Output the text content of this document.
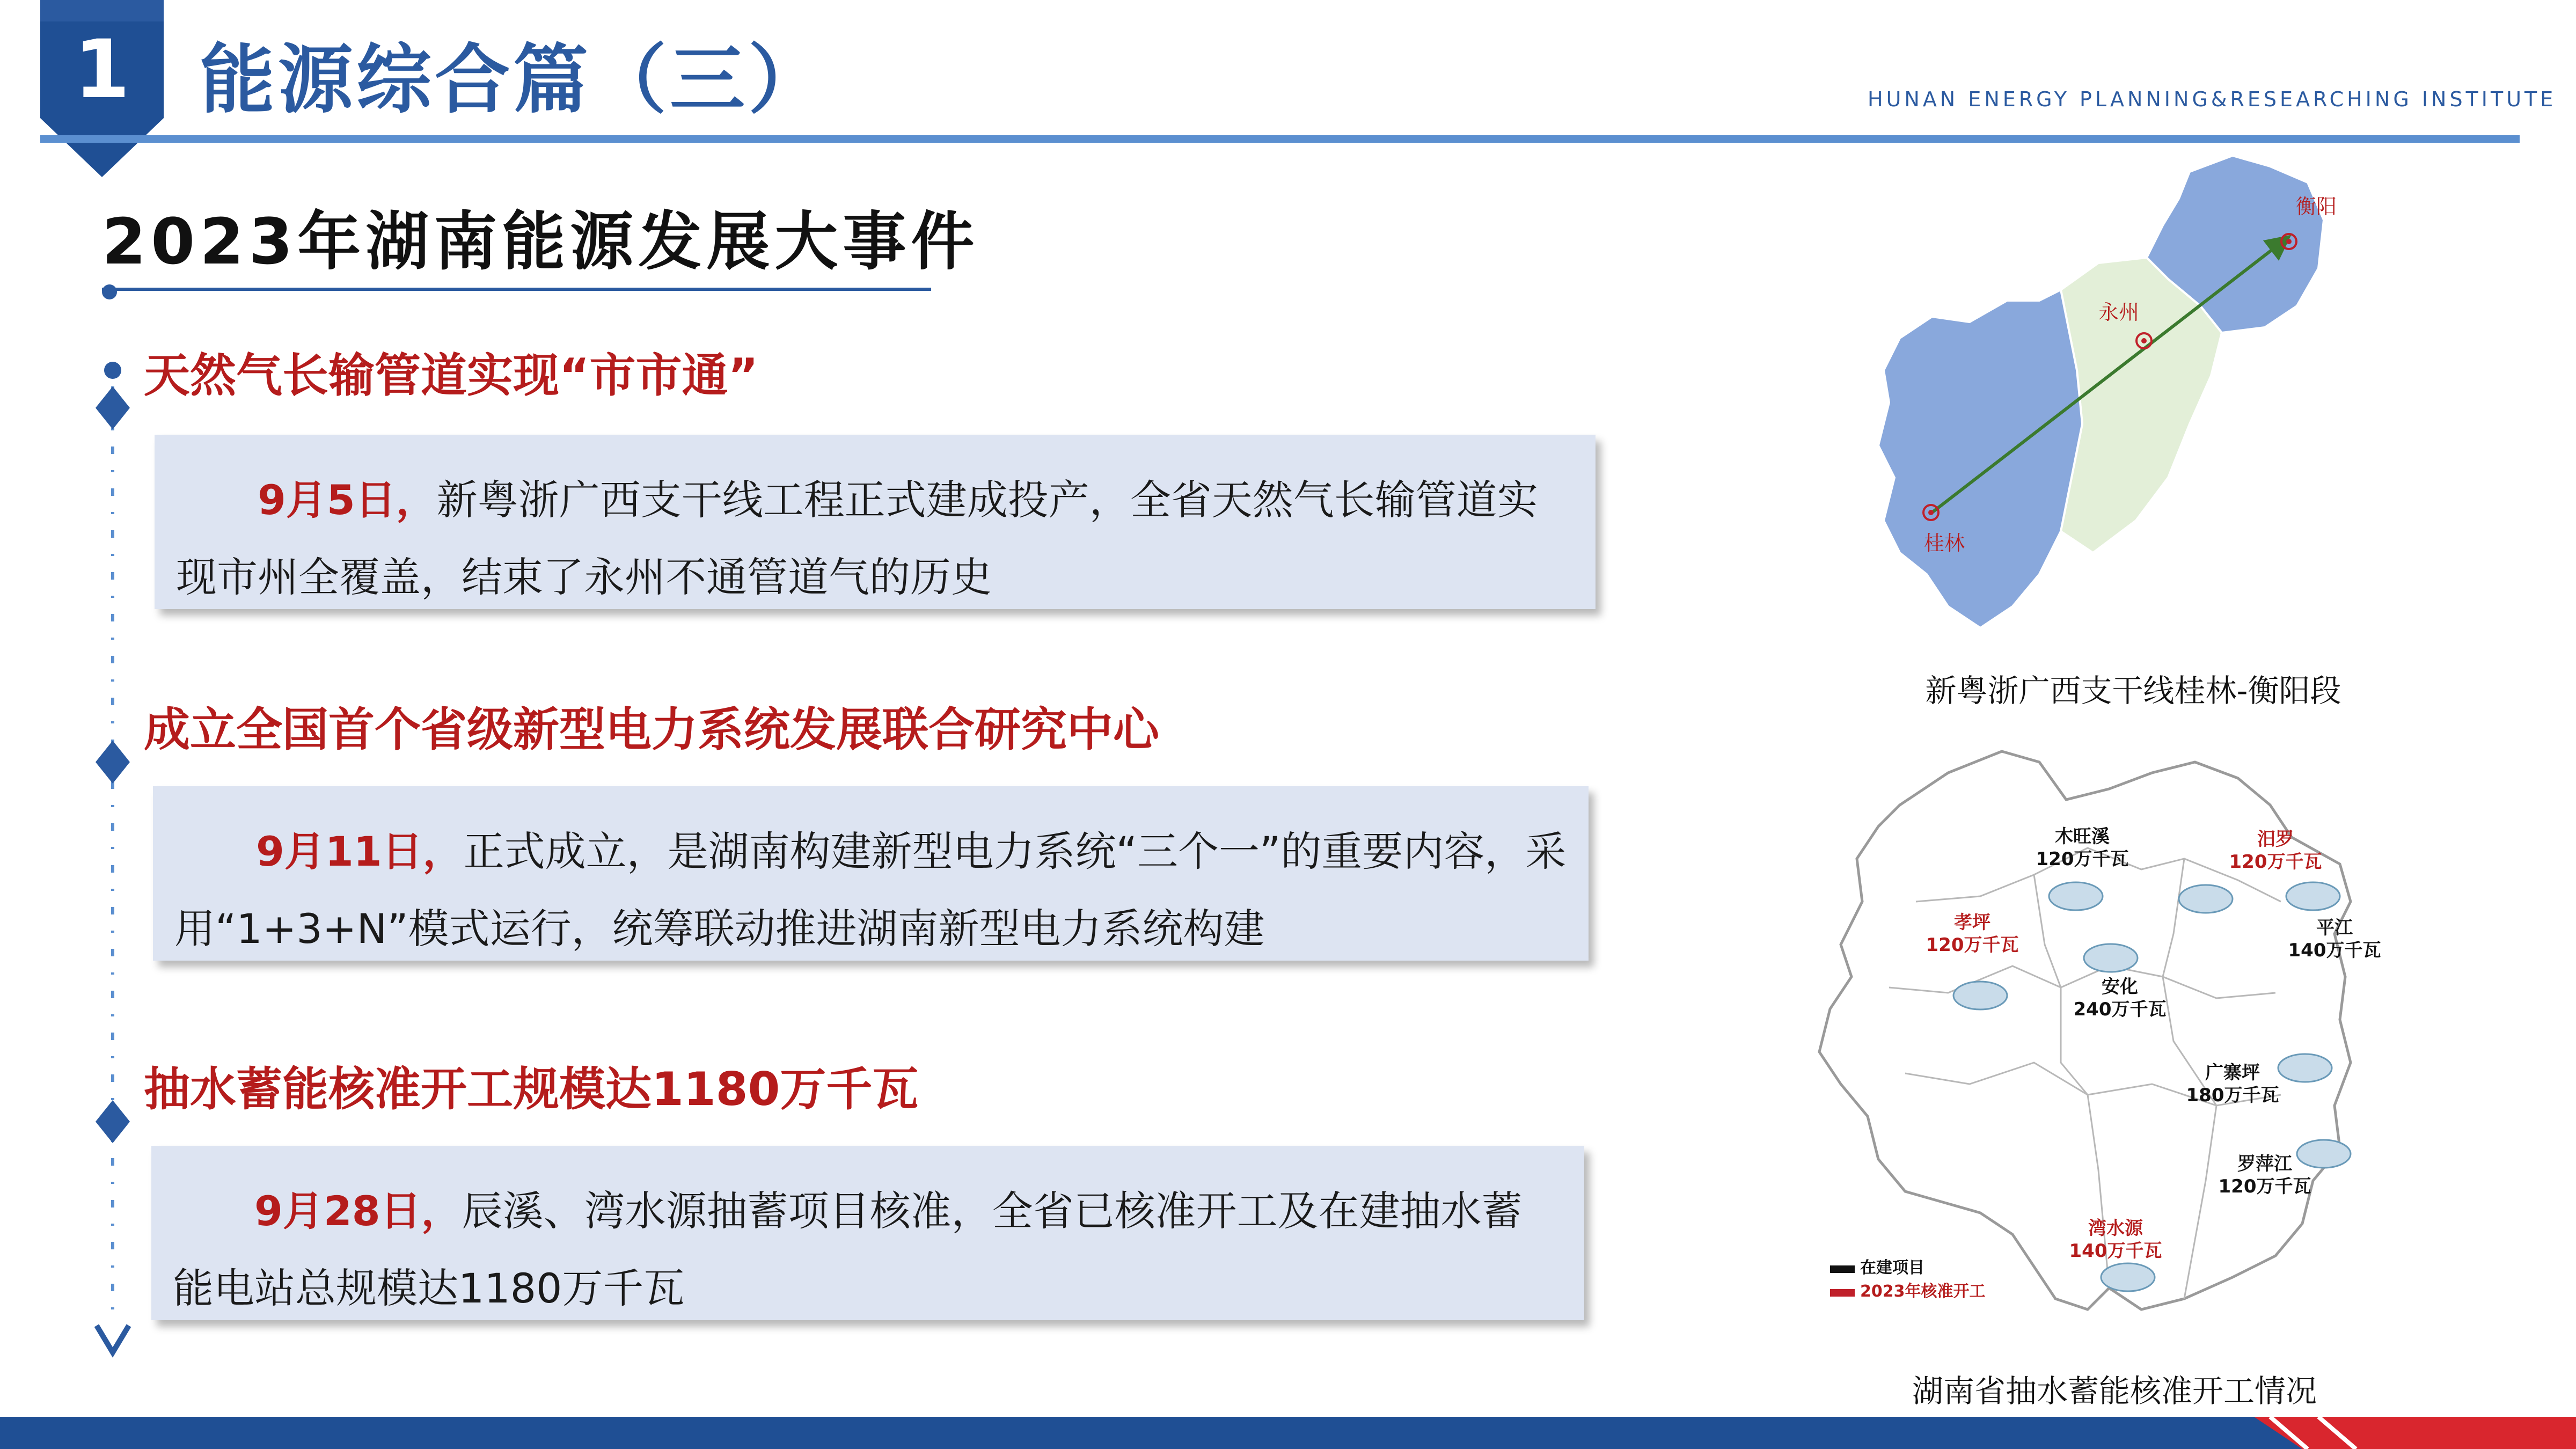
1 能源综合篇（三）	HUNAN ENERGY PLANNING&RESEARCHING INSTITUTE
2023年湖南能源发展大事件
天然气长输管道实现“市市通”
9月5日，新粤浙广西支干线工程正式建成投产，全省天然气长输管道实现市州全覆盖，结束了永州不通管道气的历史
成立全国首个省级新型电力系统发展联合研究中心
9月11日，正式成立，是湖南构建新型电力系统“三个一”的重要内容，采用“1+3+N”模式运行，统筹联动推进湖南新型电力系统构建
抽水蓄能核准开工规模达1180万千瓦
9月28日，辰溪、湾水源抽蓄项目核准，全省已核准开工及在建抽水蓄能电站总规模达1180万千瓦
衡阳
永州
桂林
新粤浙广西支干线桂林-衡阳段
木旺溪
120万千瓦
汨罗
120万千瓦
孝坪
120万千瓦
平江
140万千瓦
安化
240万千瓦
广寨坪
180万千瓦
罗萍江
120万千瓦
湾水源
140万千瓦
在建项目
2023年核准开工
湖南省抽水蓄能核准开工情况
